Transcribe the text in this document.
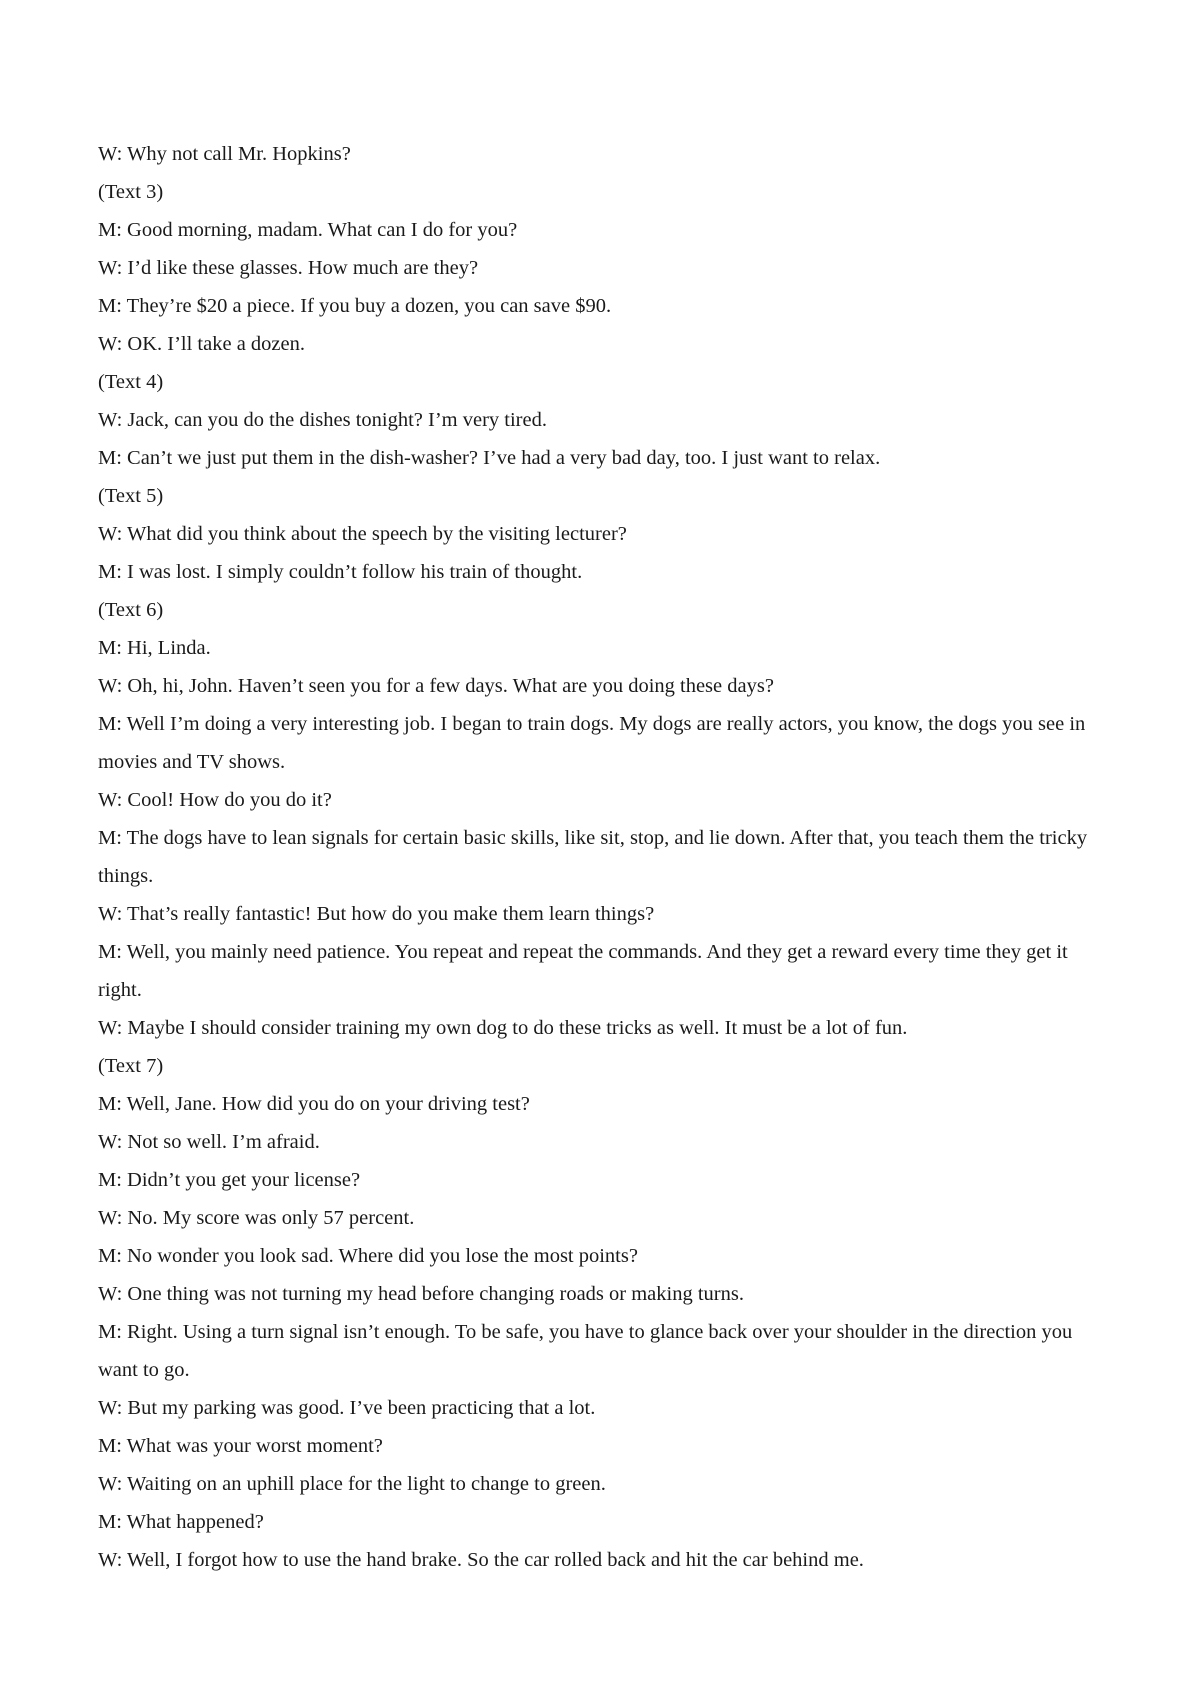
W: Why not call Mr. Hopkins?

(Text 3)

M: Good morning, madam. What can I do for you?

W: I’d like these glasses. How much are they?

M: They’re $20 a piece. If you buy a dozen, you can save $90.

W: OK. I’ll take a dozen.

(Text 4)

W: Jack, can you do the dishes tonight? I’m very tired.

M: Can’t we just put them in the dish-washer? I’ve had a very bad day, too. I just want to relax.

(Text 5)

W: What did you think about the speech by the visiting lecturer?

M: I was lost. I simply couldn’t follow his train of thought.

(Text 6)

M: Hi, Linda.

W: Oh, hi, John. Haven’t seen you for a few days. What are you doing these days?

M: Well I’m doing a very interesting job. I began to train dogs. My dogs are really actors, you know, the dogs you see in movies and TV shows.

W: Cool! How do you do it?

M: The dogs have to lean signals for certain basic skills, like sit, stop, and lie down. After that, you teach them the tricky things.

W: That’s really fantastic! But how do you make them learn things?

M: Well, you mainly need patience. You repeat and repeat the commands. And they get a reward every time they get it right.

W: Maybe I should consider training my own dog to do these tricks as well. It must be a lot of fun.

(Text 7)

M: Well, Jane. How did you do on your driving test?

W: Not so well. I’m afraid.

M: Didn’t you get your license?

W: No. My score was only 57 percent.

M: No wonder you look sad. Where did you lose the most points?

W: One thing was not turning my head before changing roads or making turns.

M: Right. Using a turn signal isn’t enough. To be safe, you have to glance back over your shoulder in the direction you want to go.

W: But my parking was good. I’ve been practicing that a lot.

M: What was your worst moment?

W: Waiting on an uphill place for the light to change to green.

M: What happened?

W: Well, I forgot how to use the hand brake. So the car rolled back and hit the car behind me.
